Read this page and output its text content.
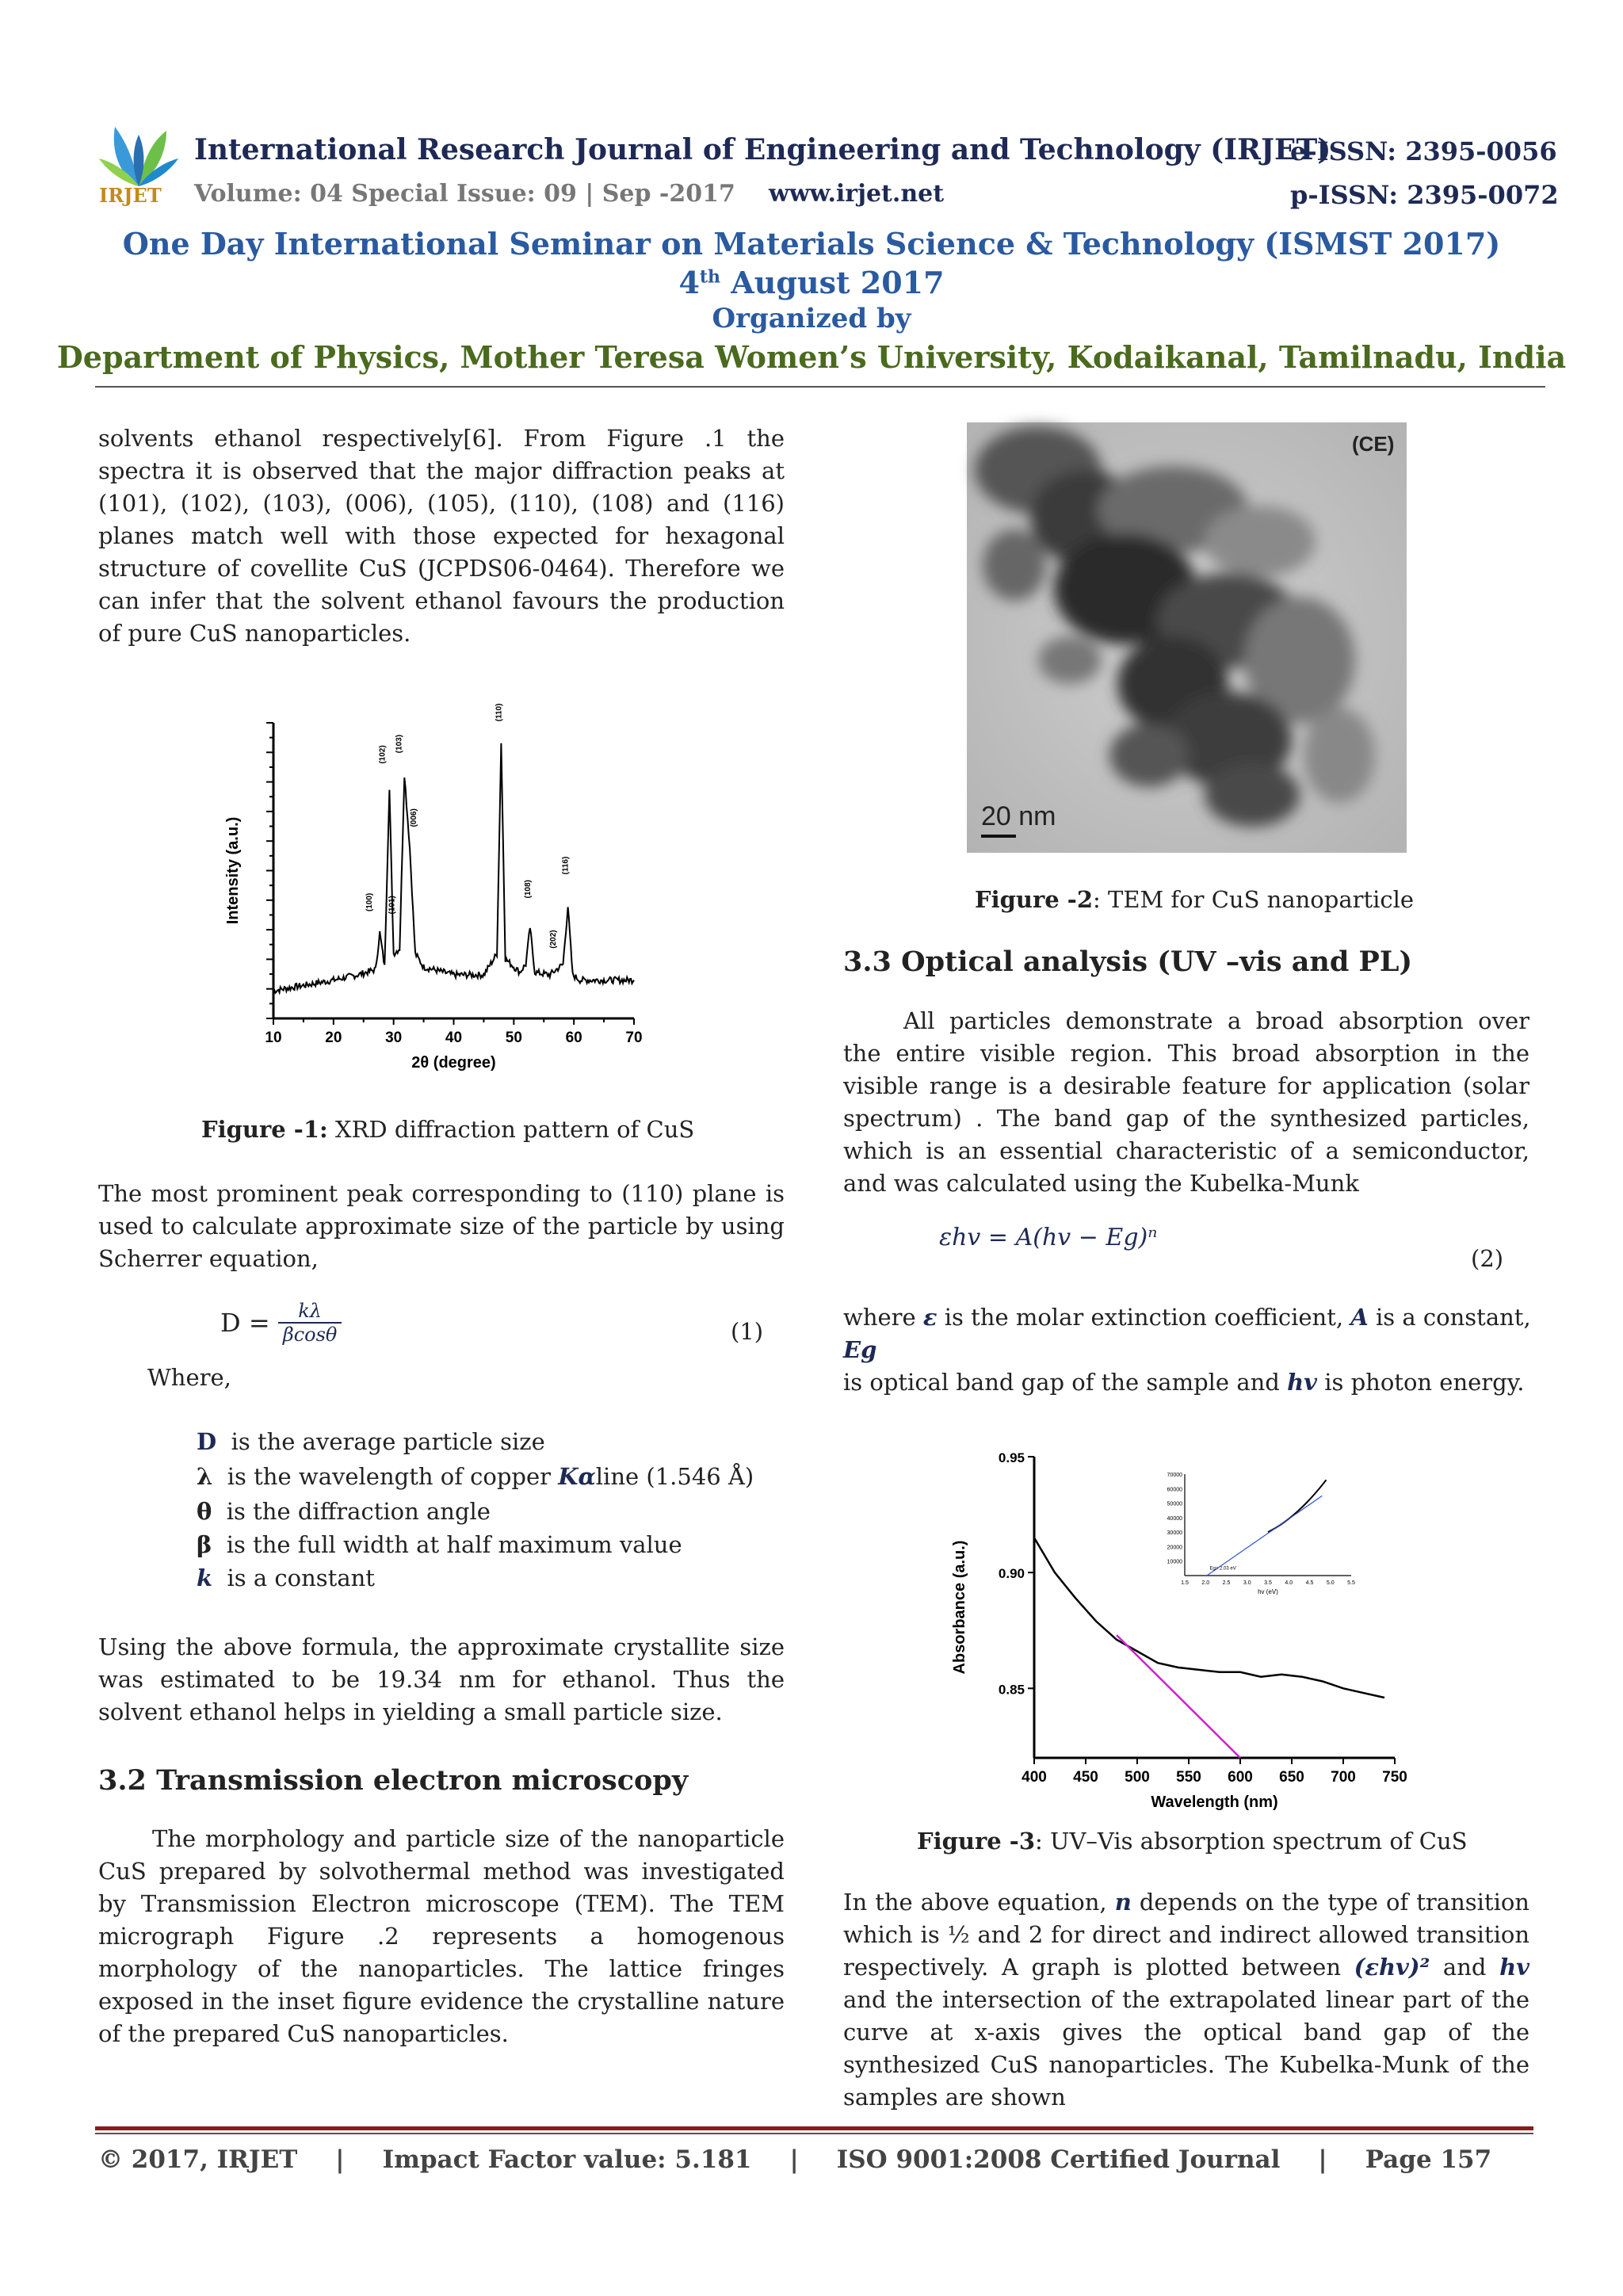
IRJET
International Research Journal of Engineering and Technology (IRJET)
e-ISSN: 2395-0056
Volume: 04 Special Issue: 09 | Sep -2017 www.irjet.net	p-ISSN: 2395-0072
One Day International Seminar on Materials Science & Technology (ISMST 2017)
4th August 2017
Organized by
Department of Physics, Mother Teresa Women’s University, Kodaikanal, Tamilnadu, India
solvents ethanol respectively[6]. From Figure .1 the spectra it is observed that the major diffraction peaks at (101), (102), (103), (006), (105), (110), (108) and (116) planes match well with those expected for hexagonal structure of covellite CuS (JCPDS06-0464). Therefore we can infer that the solvent ethanol favours the production of pure CuS nanoparticles.
10	20	30	40	50	60	70
2θ (degree)
Intensity (a.u.)	(100) (101)
(102)
(103)
(006)
(110)
(108)
(202)
(116)
Figure -1: XRD diffraction pattern of CuS
The most prominent peak corresponding to (110) plane is used to calculate approximate size of the particle by using Scherrer equation,
$D = \frac{k\lambda}{\beta\cos\theta}$	(1)
Where,
D is the average particle size
λ is the wavelength of copper Kαline (1.546 Å)
θ is the diffraction angle
β is the full width at half maximum value
k is a constant
Using the above formula, the approximate crystallite size was estimated to be 19.34 nm for ethanol. Thus the solvent ethanol helps in yielding a small particle size.
3.2 Transmission electron microscopy
The morphology and particle size of the nanoparticle CuS prepared by solvothermal method was investigated by Transmission Electron microscope (TEM). The TEM micrograph Figure .2 represents a homogenous morphology of the nanoparticles. The lattice fringes exposed in the inset figure evidence the crystalline nature of the prepared CuS nanoparticles.
(CE)
20 nm
Figure -2: TEM for CuS nanoparticle
3.3 Optical analysis (UV –vis and PL)
All particles demonstrate a broad absorption over the entire visible region. This broad absorption in the visible range is a desirable feature for application (solar spectrum) . The band gap of the synthesized particles, which is an essential characteristic of a semiconductor, and was calculated using the Kubelka-Munk
εhv = A(hv − Eg)ⁿ
(2)
where ε is the molar extinction coefficient, A is a constant, Eg
is optical band gap of the sample and hv is photon energy.
400 450 500 550 600 650 700 750
0.85
0.90
0.95
Wavelength (nm)
Absorbance (a.u.)	1.5 2.0 2.5 3.0 3.5 4.0 4.5 5.0 5.5
10000
20000
30000
40000
50000
60000
70000
hv (eV)
Eg= 2.03 eV
Figure -3: UV–Vis absorption spectrum of CuS
In the above equation, n depends on the type of transition which is ½ and 2 for direct and indirect allowed transition respectively. A graph is plotted between (εhv)² and hv and the intersection of the extrapolated linear part of the curve at x-axis gives the optical band gap of the synthesized CuS nanoparticles. The Kubelka-Munk of the samples are shown
© 2017, IRJET | Impact Factor value: 5.181 | ISO 9001:2008 Certified Journal | Page 157
